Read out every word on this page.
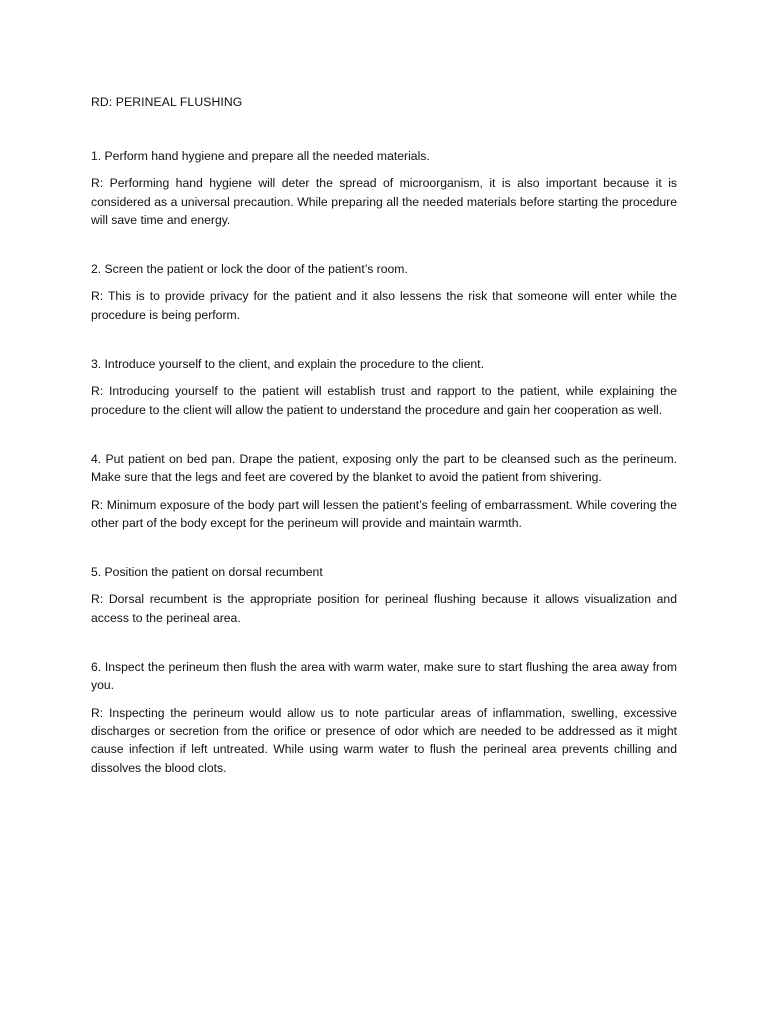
RD: PERINEAL FLUSHING

1. Perform hand hygiene and prepare all the needed materials.

R: Performing hand hygiene will deter the spread of microorganism, it is also important because it is considered as a universal precaution. While preparing all the needed materials before starting the procedure will save time and energy.

2. Screen the patient or lock the door of the patient’s room.

R: This is to provide privacy for the patient and it also lessens the risk that someone will enter while the procedure is being perform.

3. Introduce yourself to the client, and explain the procedure to the client.

R: Introducing yourself to the patient will establish trust and rapport to the patient, while explaining the procedure to the client will allow the patient to understand the procedure and gain her cooperation as well.

4. Put patient on bed pan. Drape the patient, exposing only the part to be cleansed such as the perineum. Make sure that the legs and feet are covered by the blanket to avoid the patient from shivering.

R: Minimum exposure of the body part will lessen the patient’s feeling of embarrassment. While covering the other part of the body except for the perineum will provide and maintain warmth.

5. Position the patient on dorsal recumbent

R: Dorsal recumbent is the appropriate position for perineal flushing because it allows visualization and access to the perineal area.

6. Inspect the perineum then flush the area with warm water, make sure to start flushing the area away from you.

R: Inspecting the perineum would allow us to note particular areas of inflammation, swelling, excessive discharges or secretion from the orifice or presence of odor which are needed to be addressed as it might cause infection if left untreated. While using warm water to flush the perineal area prevents chilling and dissolves the blood clots.
